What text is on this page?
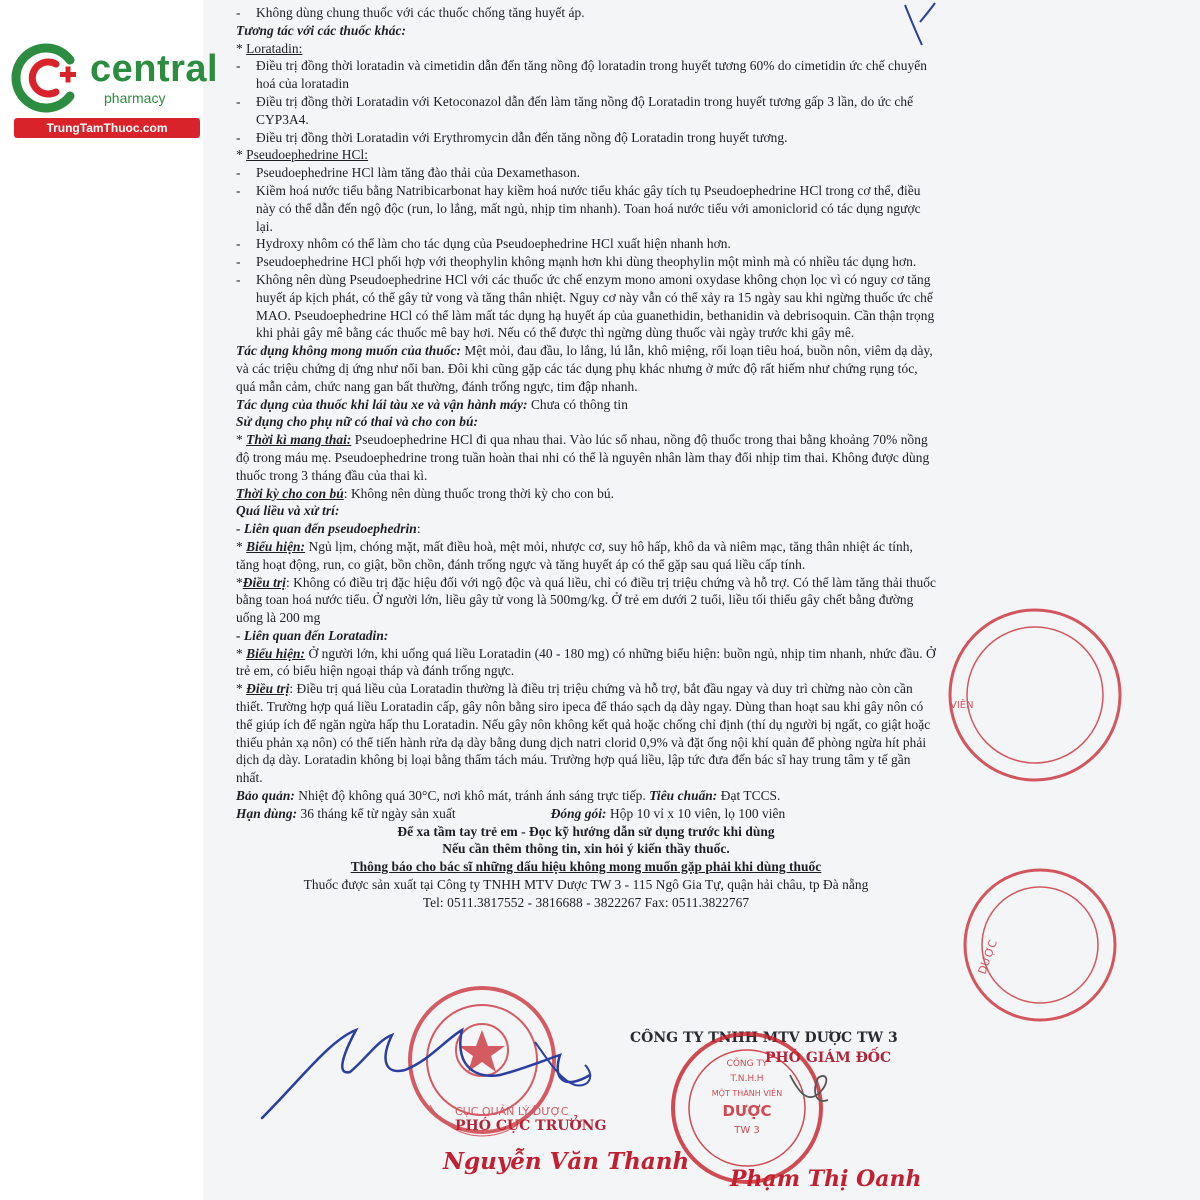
central
pharmacy
TrungTamThuoc.com

- Không dùng chung thuốc với các thuốc chống tăng huyết áp.

Tương tác với các thuốc khác:

* Loratadin:

- Điều trị đồng thời loratadin và cimetidin dẫn đến tăng nồng độ loratadin trong huyết tương 60% do cimetidin ức chế chuyển hoá của loratadin

- Điều trị đồng thời Loratadin với Ketoconazol dẫn đến làm tăng nồng độ Loratadin trong huyết tương gấp 3 lần, do ức chế CYP3A4.

- Điều trị đồng thời Loratadin với Erythromycin dẫn đến tăng nồng độ Loratadin trong huyết tương.

* Pseudoephedrine HCl:

- Pseudoephedrine HCl làm tăng đào thải của Dexamethason.

- Kiềm hoá nước tiểu bằng Natribicarbonat hay kiềm hoá nước tiểu khác gây tích tụ Pseudoephedrine HCl trong cơ thể, điều này có thể dẫn đến ngộ độc (run, lo lắng, mất ngủ, nhịp tim nhanh). Toan hoá nước tiểu với amoniclorid có tác dụng ngược lại.

- Hydroxy nhôm có thể làm cho tác dụng của Pseudoephedrine HCl xuất hiện nhanh hơn.

- Pseudoephedrine HCl phối hợp với theophylin không mạnh hơn khi dùng theophylin một mình mà có nhiều tác dụng hơn.

- Không nên dùng Pseudoephedrine HCl với các thuốc ức chế enzym mono amoni oxydase không chọn lọc vì có nguy cơ tăng huyết áp kịch phát, có thể gây tử vong và tăng thân nhiệt. Nguy cơ này vẫn có thể xảy ra 15 ngày sau khi ngừng thuốc ức chế MAO. Pseudoephedrine HCl có thể làm mất tác dụng hạ huyết áp của guanethidin, bethanidin và debrisoquin. Cần thận trọng khi phải gây mê bằng các thuốc mê bay hơi. Nếu có thể được thì ngừng dùng thuốc vài ngày trước khi gây mê.

Tác dụng không mong muốn của thuốc: Mệt mỏi, đau đầu, lo lắng, lú lẫn, khô miệng, rối loạn tiêu hoá, buồn nôn, viêm dạ dày, và các triệu chứng dị ứng như nổi ban. Đôi khi cũng gặp các tác dụng phụ khác nhưng ở mức độ rất hiếm như chứng rụng tóc, quá mẫn cảm, chức nang gan bất thường, đánh trống ngực, tim đập nhanh.

Tác dụng của thuốc khi lái tàu xe và vận hành máy: Chưa có thông tin

Sử dụng cho phụ nữ có thai và cho con bú:

* Thời kì mang thai: Pseudoephedrine HCl đi qua nhau thai. Vào lúc sổ nhau, nồng độ thuốc trong thai bằng khoảng 70% nồng độ trong máu mẹ. Pseudoephedrine trong tuần hoàn thai nhi có thể là nguyên nhân làm thay đổi nhịp tim thai. Không được dùng thuốc trong 3 tháng đầu của thai kì.

Thời kỳ cho con bú: Không nên dùng thuốc trong thời kỳ cho con bú.

Quá liều và xử trí:

- Liên quan đến pseudoephedrin:

* Biểu hiện: Ngủ lịm, chóng mặt, mất điều hoà, mệt mỏi, nhược cơ, suy hô hấp, khô da và niêm mạc, tăng thân nhiệt ác tính, tăng hoạt động, run, co giật, bồn chồn, đánh trống ngực và tăng huyết áp có thể gặp sau quá liều cấp tính.

*Điều trị: Không có điều trị đặc hiệu đối với ngộ độc và quá liều, chỉ có điều trị triệu chứng và hỗ trợ. Có thể làm tăng thải thuốc bằng toan hoá nước tiểu. Ở người lớn, liều gây tử vong là 500mg/kg. Ở trẻ em dưới 2 tuổi, liều tối thiểu gây chết bằng đường uống là 200 mg

- Liên quan đến Loratadin:

* Biểu hiện: Ở người lớn, khi uống quá liều Loratadin (40 - 180 mg) có những biểu hiện: buồn ngủ, nhịp tim nhanh, nhức đầu. Ở trẻ em, có biểu hiện ngoại tháp và đánh trống ngực.

* Điều trị: Điều trị quá liều của Loratadin thường là điều trị triệu chứng và hỗ trợ, bắt đầu ngay và duy trì chừng nào còn cần thiết. Trường hợp quá liều Loratadin cấp, gây nôn bằng siro ipeca để tháo sạch dạ dày ngay. Dùng than hoạt sau khi gây nôn có thể giúp ích để ngăn ngừa hấp thu Loratadin. Nếu gây nôn không kết quả hoặc chống chỉ định (thí dụ người bị ngất, co giật hoặc thiếu phản xạ nôn) có thể tiến hành rửa dạ dày bằng dung dịch natri clorid 0,9% và đặt ống nội khí quản để phòng ngừa hít phải dịch dạ dày. Loratadin không bị loại bằng thẩm tách máu. Trường hợp quá liều, lập tức đưa đến bác sĩ hay trung tâm y tế gần nhất.

Bảo quản: Nhiệt độ không quá 30°C, nơi khô mát, tránh ánh sáng trực tiếp. Tiêu chuẩn: Đạt TCCS.

Hạn dùng: 36 tháng kể từ ngày sản xuất	Đóng gói: Hộp 10 vỉ x 10 viên, lọ 100 viên

Để xa tầm tay trẻ em - Đọc kỹ hướng dẫn sử dụng trước khi dùng

Nếu cần thêm thông tin, xin hỏi ý kiến thầy thuốc.

Thông báo cho bác sĩ những dấu hiệu không mong muốn gặp phải khi dùng thuốc

Thuốc được sản xuất tại Công ty TNHH MTV Dược TW 3 - 115 Ngô Gia Tự, quận hải châu, tp Đà nẵng

Tel: 0511.3817552 - 3816688 - 3822267 Fax: 0511.3822767

CÔNG TY TNHH MTV DƯỢC TW 3
PHÓ GIÁM ĐỐC
PHÓ CỤC TRƯỞNG
Nguyễn Văn Thanh
Phạm Thị Oanh
VIÊN
DƯỢC
CỤC QUẢN LÝ DƯỢC
CÔNG TY
T.N.H.H
MỘT THÀNH VIÊN
DƯỢC
TW 3
